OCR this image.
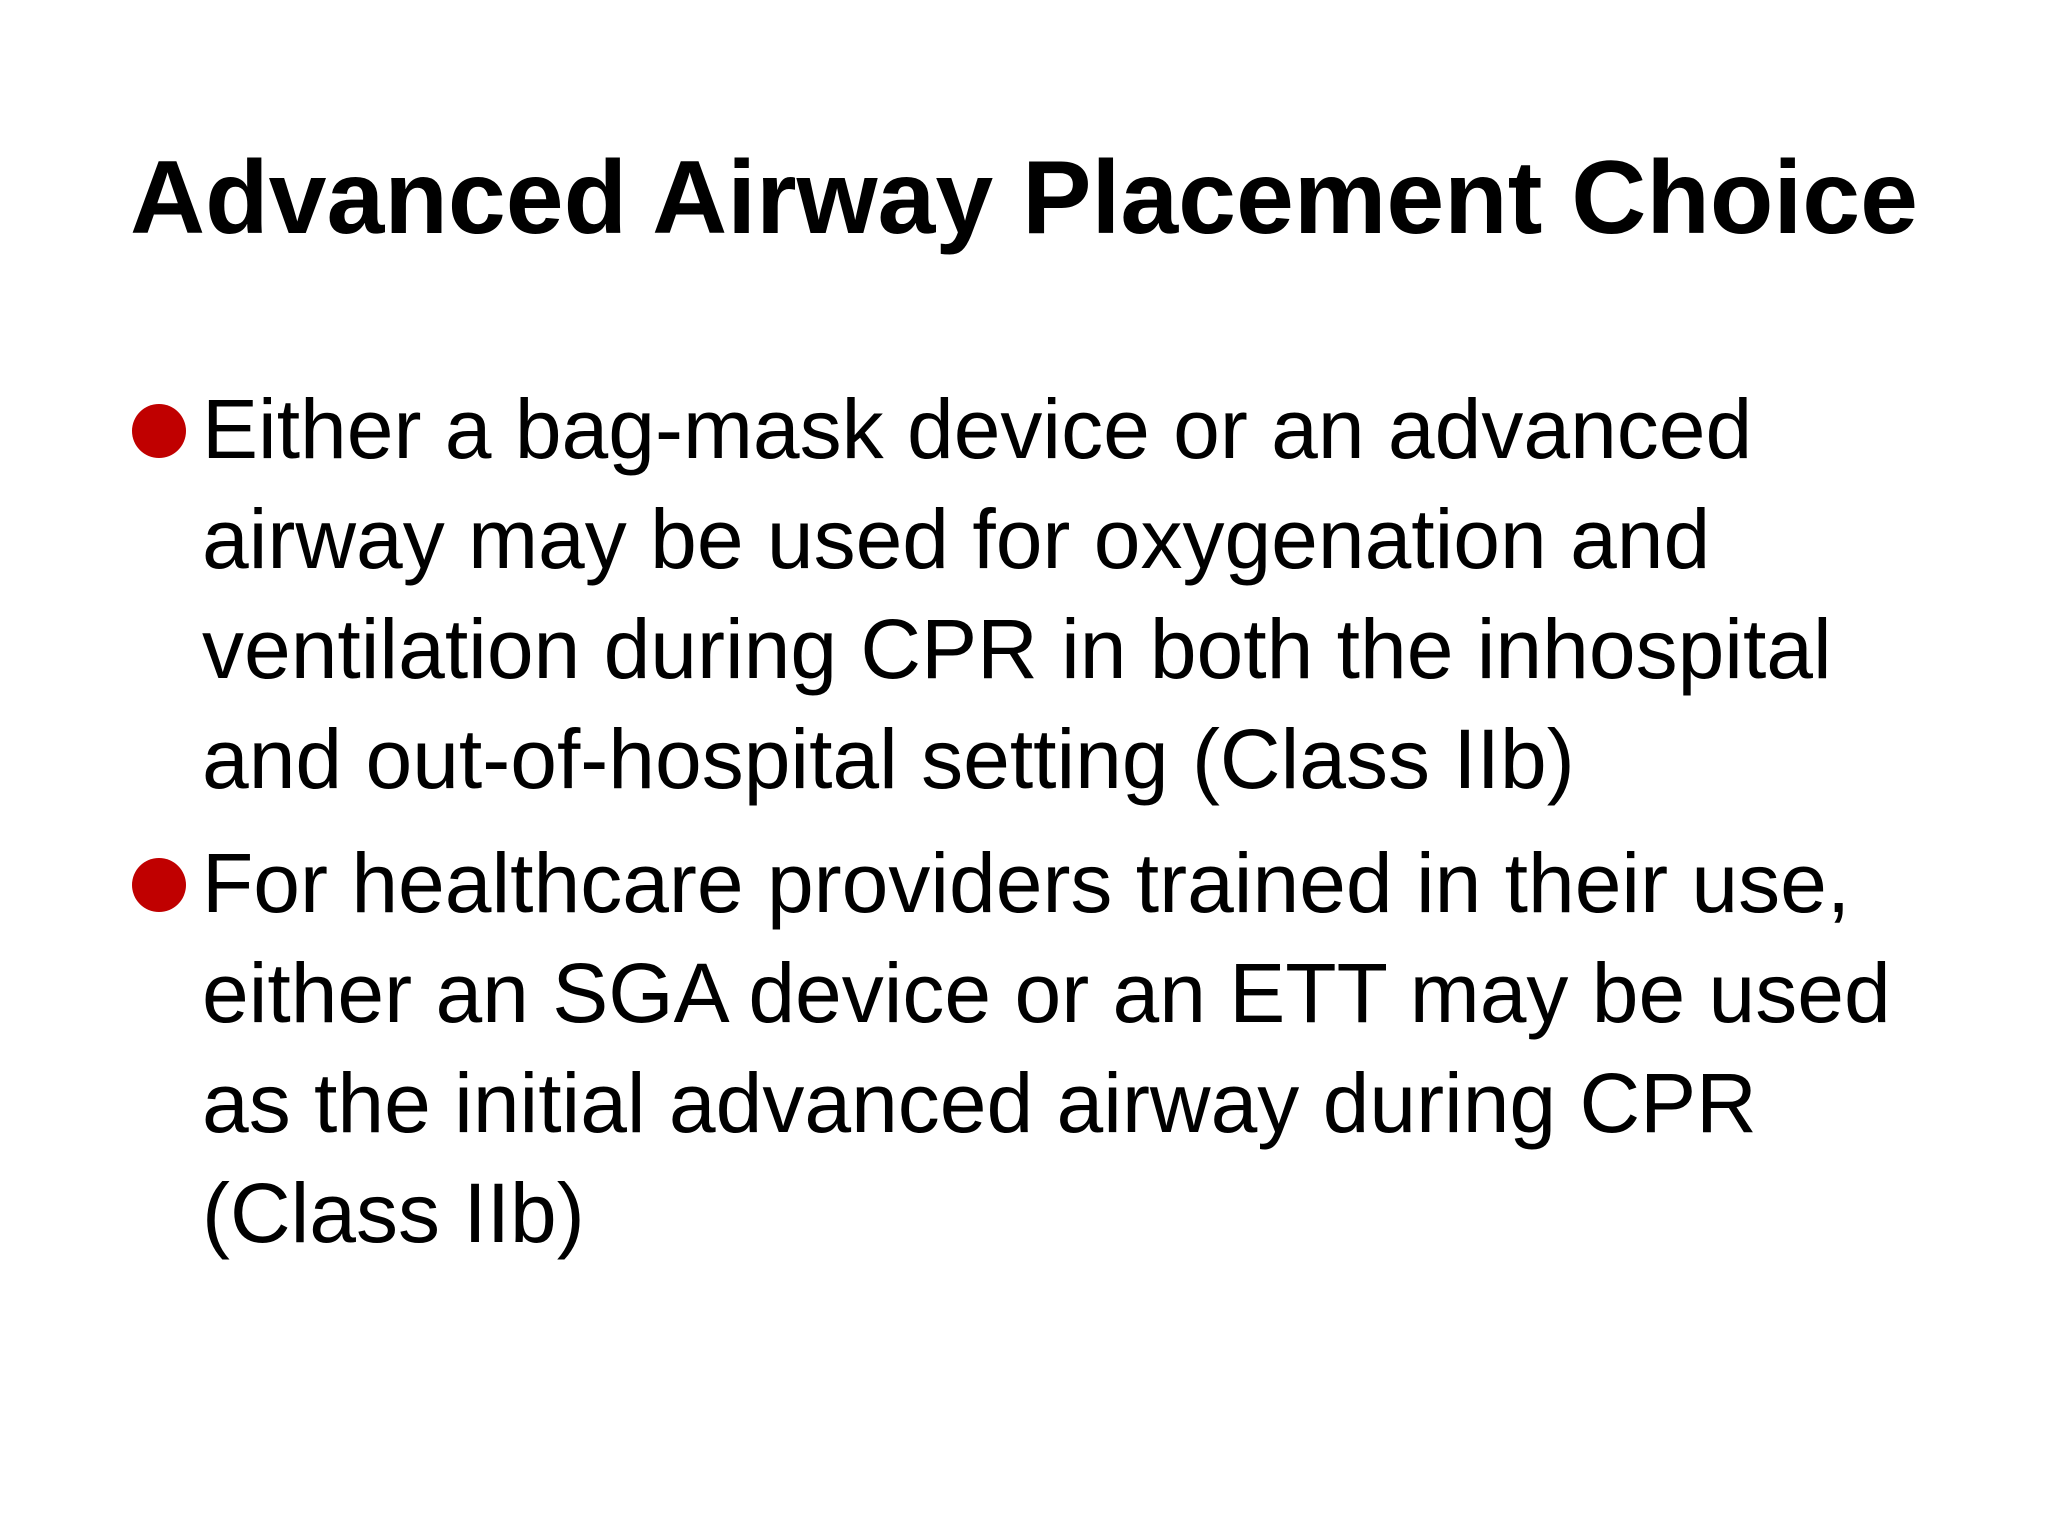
Advanced Airway Placement Choice
Either a bag-mask device or an advanced airway may be used for oxygenation and ventilation during CPR in both the inhospital and out-of-hospital setting (Class IIb)
For healthcare providers trained in their use, either an SGA device or an ETT may be used as the initial advanced airway during CPR (Class IIb)
